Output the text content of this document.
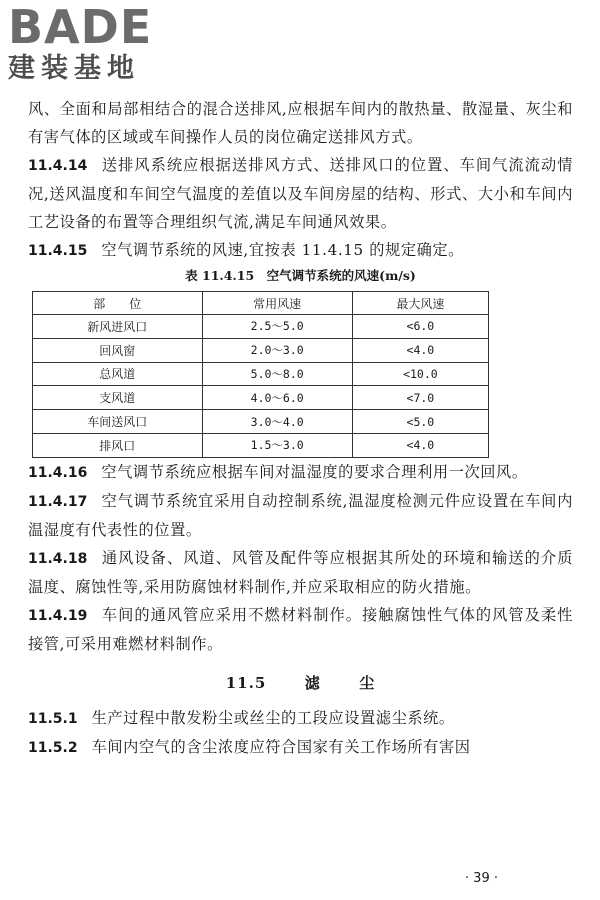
BADE
建装基地

风、全面和局部相结合的混合送排风,应根据车间内的散热量、散湿量、灰尘和有害气体的区域或车间操作人员的岗位确定送排风方式。

11.4.14 送排风系统应根据送排风方式、送排风口的位置、车间气流流动情况,送风温度和车间空气温度的差值以及车间房屋的结构、形式、大小和车间内工艺设备的布置等合理组织气流,满足车间通风效果。

11.4.15 空气调节系统的风速,宜按表 11.4.15 的规定确定。

表 11.4.15　空气调节系统的风速(m/s)
部　　位	常用风速	最大风速
新风进风口	2.5～5.0	<6.0
回风窗	2.0～3.0	<4.0
总风道	5.0～8.0	<10.0
支风道	4.0～6.0	<7.0
车间送风口	3.0～4.0	<5.0
排风口	1.5～3.0	<4.0

11.4.16 空气调节系统应根据车间对温湿度的要求合理利用一次回风。

11.4.17 空气调节系统宜采用自动控制系统,温湿度检测元件应设置在车间内温湿度有代表性的位置。

11.4.18 通风设备、风道、风管及配件等应根据其所处的环境和输送的介质温度、腐蚀性等,采用防腐蚀材料制作,并应采取相应的防火措施。

11.4.19 车间的通风管应采用不燃材料制作。接触腐蚀性气体的风管及柔性接管,可采用难燃材料制作。

11.5	滤	尘

11.5.1 生产过程中散发粉尘或丝尘的工段应设置滤尘系统。

11.5.2 车间内空气的含尘浓度应符合国家有关工作场所有害因

· 39 ·
